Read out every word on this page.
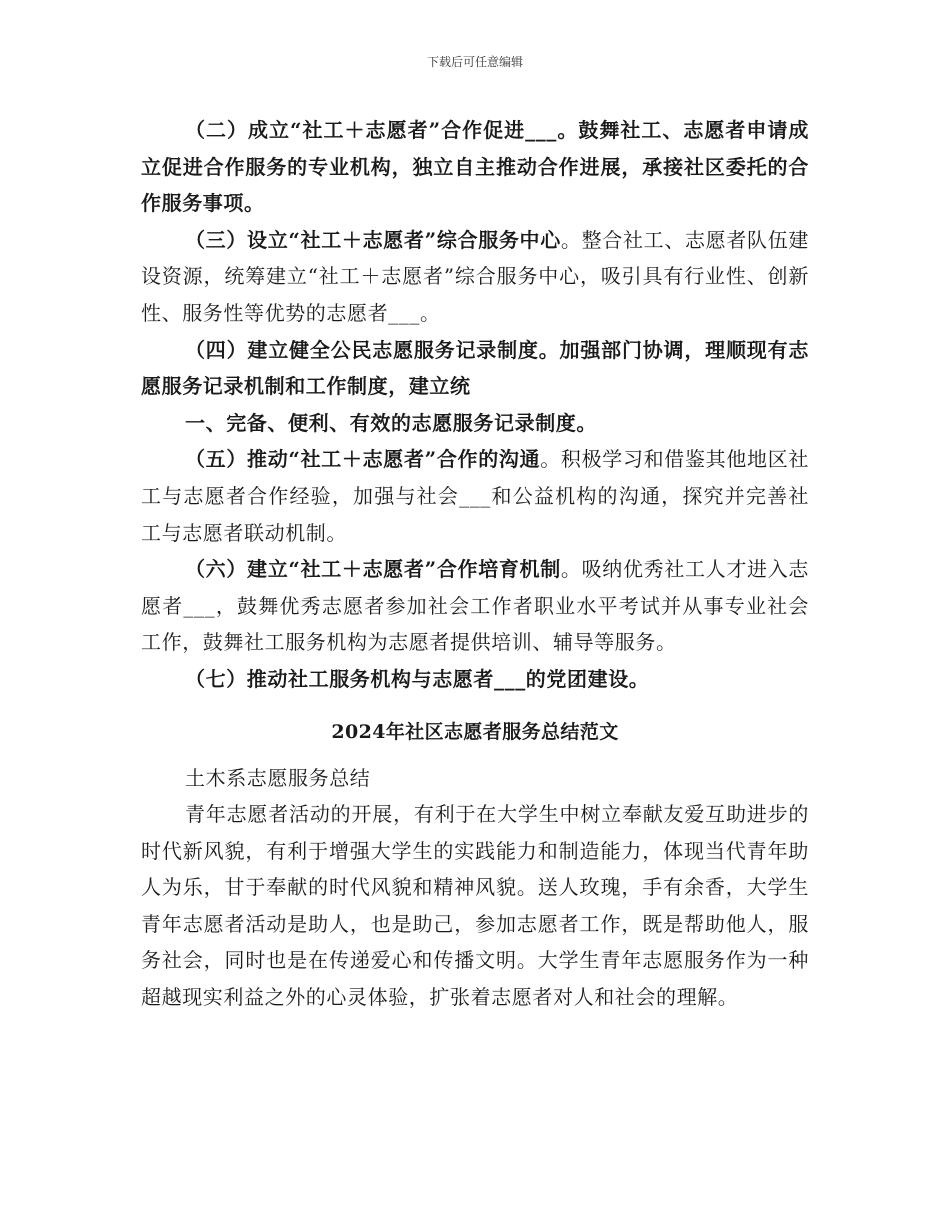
下载后可任意编辑

（二）成立“社工＋志愿者”合作促进___。鼓舞社工、志愿者申请成立促进合作服务的专业机构，独立自主推动合作进展，承接社区委托的合作服务事项。

（三）设立“社工＋志愿者”综合服务中心。整合社工、志愿者队伍建设资源，统筹建立“社工＋志愿者”综合服务中心，吸引具有行业性、创新性、服务性等优势的志愿者___。

（四）建立健全公民志愿服务记录制度。加强部门协调，理顺现有志愿服务记录机制和工作制度，建立统

一、完备、便利、有效的志愿服务记录制度。

（五）推动“社工＋志愿者”合作的沟通。积极学习和借鉴其他地区社工与志愿者合作经验，加强与社会___和公益机构的沟通，探究并完善社工与志愿者联动机制。

（六）建立“社工＋志愿者”合作培育机制。吸纳优秀社工人才进入志愿者___，鼓舞优秀志愿者参加社会工作者职业水平考试并从事专业社会工作，鼓舞社工服务机构为志愿者提供培训、辅导等服务。

（七）推动社工服务机构与志愿者___的党团建设。

2024年社区志愿者服务总结范文

土木系志愿服务总结

青年志愿者活动的开展，有利于在大学生中树立奉献友爱互助进步的时代新风貌，有利于增强大学生的实践能力和制造能力，体现当代青年助人为乐，甘于奉献的时代风貌和精神风貌。送人玫瑰，手有余香，大学生青年志愿者活动是助人，也是助己，参加志愿者工作，既是帮助他人，服务社会，同时也是在传递爱心和传播文明。大学生青年志愿服务作为一种超越现实利益之外的心灵体验，扩张着志愿者对人和社会的理解。
